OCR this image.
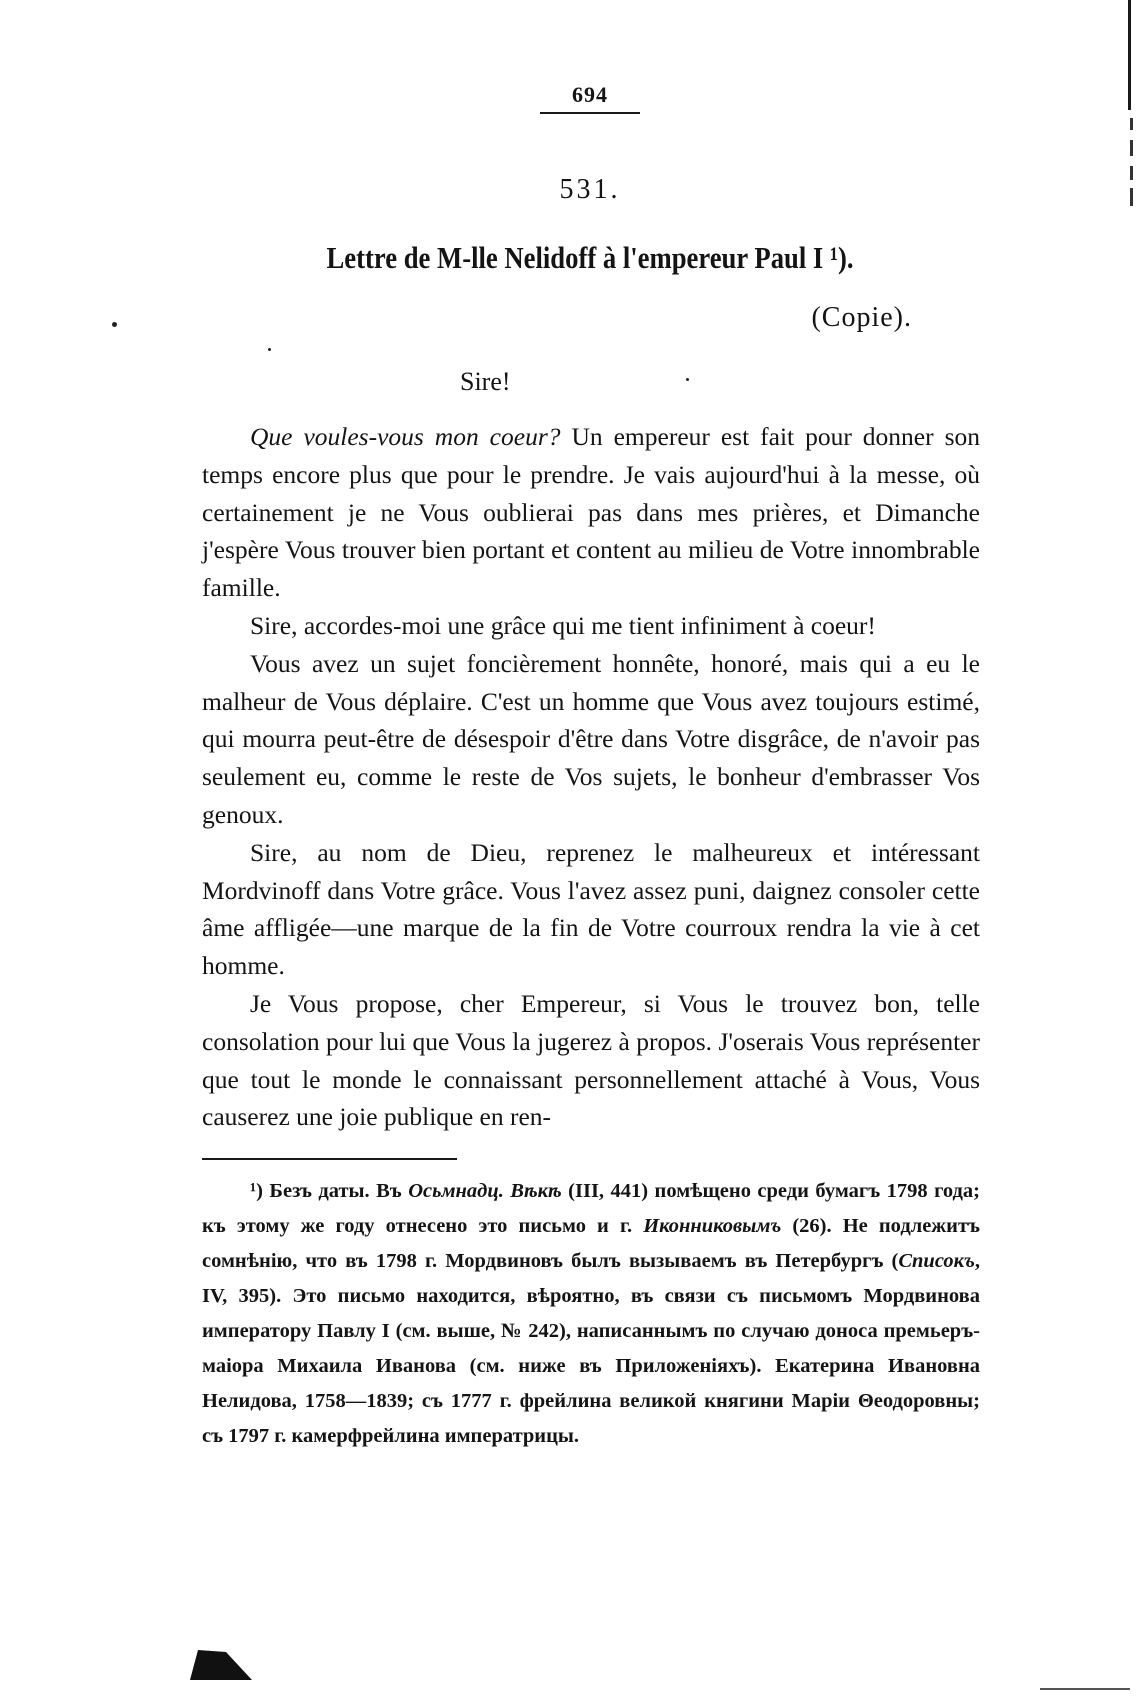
694
531.
Lettre de M-lle Nelidoff à l'empereur Paul I ¹).
(Copie).
Sire!

Que voules-vous mon coeur? Un empereur est fait pour donner son temps encore plus que pour le prendre. Je vais aujourd'hui à la messe, où certainement je ne Vous oublierai pas dans mes prières, et Dimanche j'espère Vous trouver bien portant et content au milieu de Votre innombrable famille.

Sire, accordes-moi une grâce qui me tient infiniment à coeur!

Vous avez un sujet foncièrement honnête, honoré, mais qui a eu le malheur de Vous déplaire. C'est un homme que Vous avez toujours estimé, qui mourra peut-être de désespoir d'être dans Votre disgrâce, de n'avoir pas seulement eu, comme le reste de Vos sujets, le bonheur d'embrasser Vos genoux.

Sire, au nom de Dieu, reprenez le malheureux et intéressant Mordvinoff dans Votre grâce. Vous l'avez assez puni, daignez consoler cette âme affligée—une marque de la fin de Votre courroux rendra la vie à cet homme.

Je Vous propose, cher Empereur, si Vous le trouvez bon, telle consolation pour lui que Vous la jugerez à propos. J'oserais Vous représenter que tout le monde le connaissant personnellement attaché à Vous, Vous causerez une joie publique en ren-

¹) Безъ даты. Въ Осьмнадц. Вѣкѣ (III, 441) помѣщено среди бумагъ 1798 года; къ этому же году отнесено это письмо и г. Иконниковымъ (26). Не подлежитъ сомнѣнію, что въ 1798 г. Мордвиновъ былъ вызываемъ въ Петербургъ (Списокъ, IV, 395). Это письмо находится, вѣроятно, въ связи съ письмомъ Мордвинова императору Павлу I (см. выше, № 242), написаннымъ по случаю доноса премьеръ-маіора Михаила Иванова (см. ниже въ Приложеніяхъ). Екатерина Ивановна Нелидова, 1758—1839; съ 1777 г. фрейлина великой княгини Маріи Θеодоровны; съ 1797 г. камерфрейлина императрицы.
